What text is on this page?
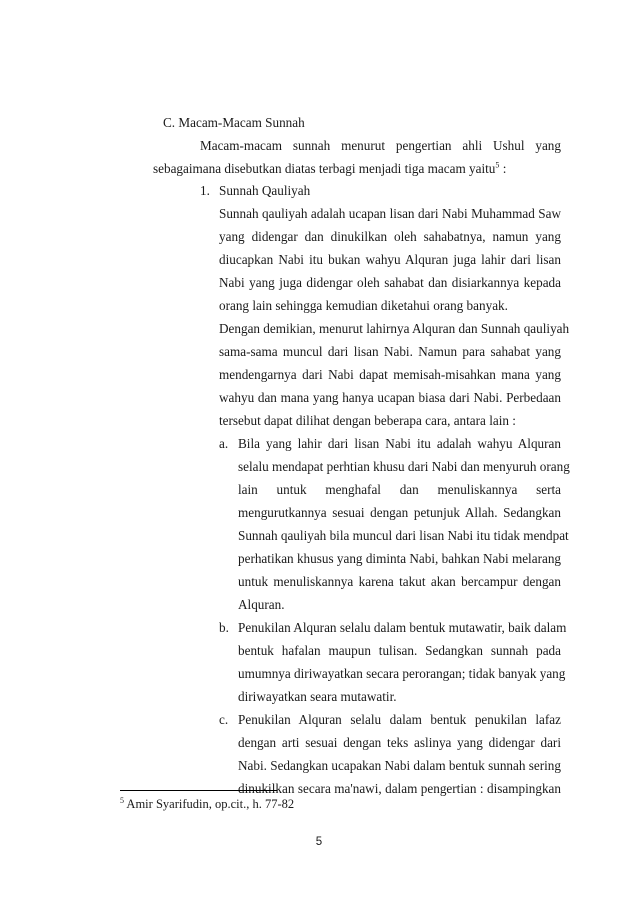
C. Macam-Macam Sunnah
Macam-macam sunnah menurut pengertian ahli Ushul yang
sebagaimana disebutkan diatas terbagi menjadi tiga macam yaitu$^5$ :
1. Sunnah Qauliyah
Sunnah qauliyah adalah ucapan lisan dari Nabi Muhammad Saw
yang didengar dan dinukilkan oleh sahabatnya, namun yang
diucapkan Nabi itu bukan wahyu Alquran juga lahir dari lisan
Nabi yang juga didengar oleh sahabat dan disiarkannya kepada
orang lain sehingga kemudian diketahui orang banyak.
Dengan demikian, menurut lahirnya Alquran dan Sunnah qauliyah
sama-sama muncul dari lisan Nabi. Namun para sahabat yang
mendengarnya dari Nabi dapat memisah-misahkan mana yang
wahyu dan mana yang hanya ucapan biasa dari Nabi. Perbedaan
tersebut dapat dilihat dengan beberapa cara, antara lain :
a. Bila yang lahir dari lisan Nabi itu adalah wahyu Alquran
selalu mendapat perhtian khusu dari Nabi dan menyuruh orang
lain untuk menghafal dan menuliskannya serta
mengurutkannya sesuai dengan petunjuk Allah. Sedangkan
Sunnah qauliyah bila muncul dari lisan Nabi itu tidak mendpat
perhatikan khusus yang diminta Nabi, bahkan Nabi melarang
untuk menuliskannya karena takut akan bercampur dengan
Alquran.
b. Penukilan Alquran selalu dalam bentuk mutawatir, baik dalam
bentuk hafalan maupun tulisan. Sedangkan sunnah pada
umumnya diriwayatkan secara perorangan; tidak banyak yang
diriwayatkan seara mutawatir.
c. Penukilan Alquran selalu dalam bentuk penukilan lafaz
dengan arti sesuai dengan teks aslinya yang didengar dari
Nabi. Sedangkan ucapakan Nabi dalam bentuk sunnah sering
dinukilkan secara ma'nawi, dalam pengertian : disampingkan
$^5$ Amir Syarifudin, op.cit., h. 77-82
5
